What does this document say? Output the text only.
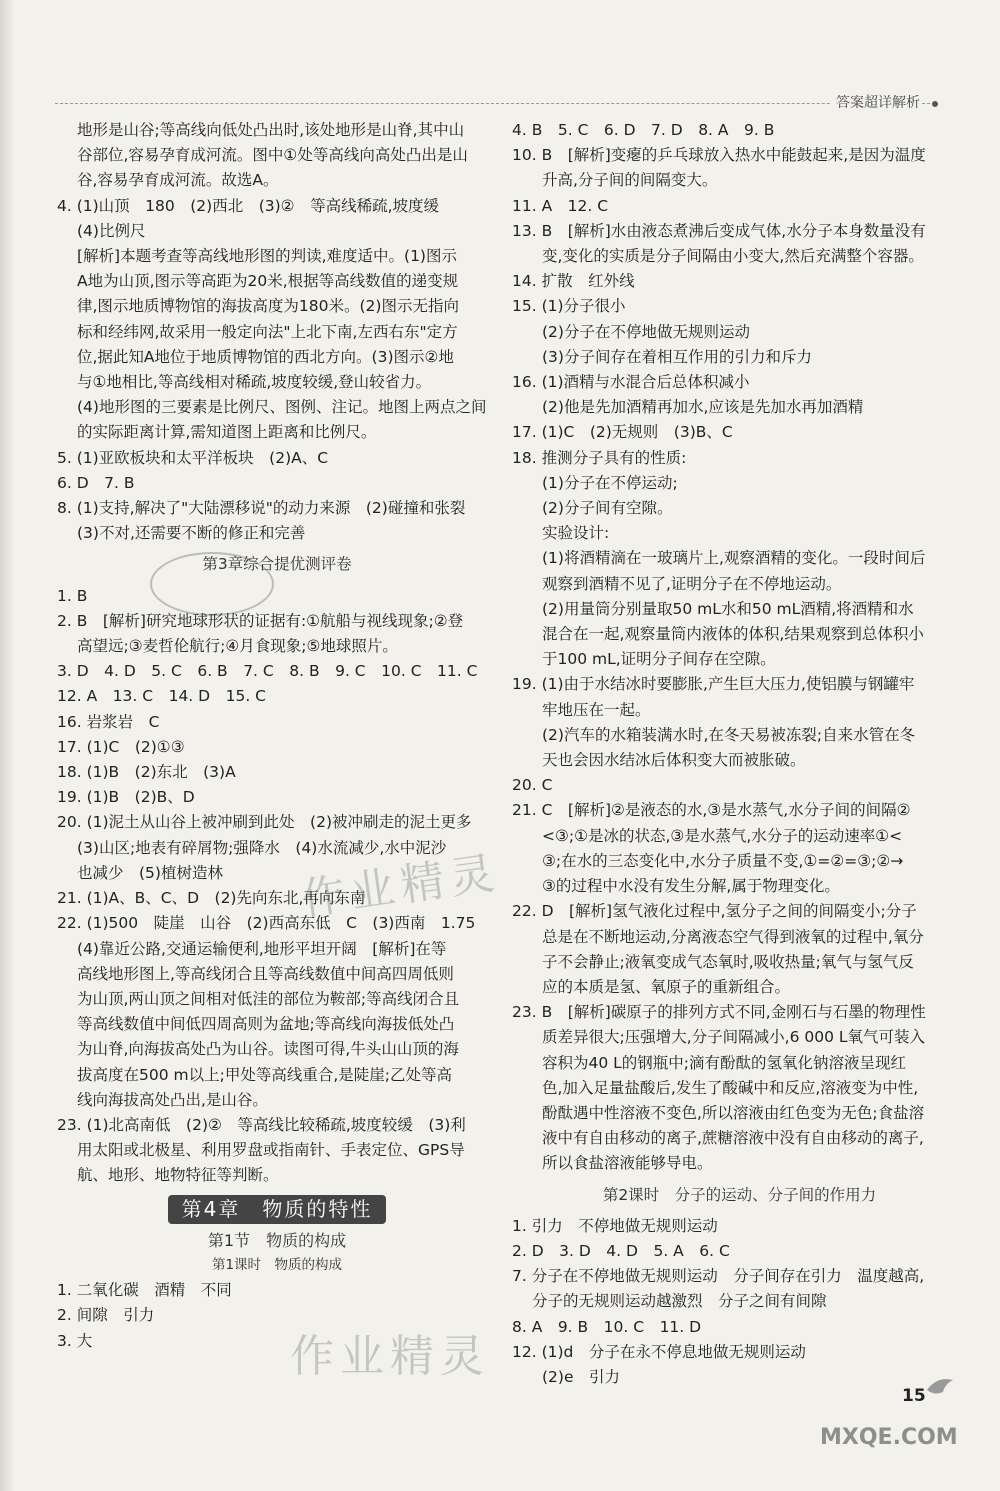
答案超详解析
地形是山谷;等高线向低处凸出时,该处地形是山脊,其中山
谷部位,容易孕育成河流。图中①处等高线向高处凸出是山
谷,容易孕育成河流。故选A。
4. (1)山顶　180　(2)西北　(3)②　等高线稀疏,坡度缓
(4)比例尺
[解析]本题考查等高线地形图的判读,难度适中。(1)图示
A地为山顶,图示等高距为20米,根据等高线数值的递变规
律,图示地质博物馆的海拔高度为180米。(2)图示无指向
标和经纬网,故采用一般定向法"上北下南,左西右东"定方
位,据此知A地位于地质博物馆的西北方向。(3)图示②地
与①地相比,等高线相对稀疏,坡度较缓,登山较省力。
(4)地形图的三要素是比例尺、图例、注记。地图上两点之间
的实际距离计算,需知道图上距离和比例尺。
5. (1)亚欧板块和太平洋板块　(2)A、C
6. D　7. B
8. (1)支持,解决了"大陆漂移说"的动力来源　(2)碰撞和张裂
(3)不对,还需要不断的修正和完善
第3章综合提优测评卷
1. B
2. B　[解析]研究地球形状的证据有:①航船与视线现象;②登
高望远;③麦哲伦航行;④月食现象;⑤地球照片。
3. D　4. D　5. C　6. B　7. C　8. B　9. C　10. C　11. C
12. A　13. C　14. D　15. C
16. 岩浆岩　C
17. (1)C　(2)①③
18. (1)B　(2)东北　(3)A
19. (1)B　(2)B、D
20. (1)泥土从山谷上被冲刷到此处　(2)被冲刷走的泥土更多
(3)山区;地表有碎屑物;强降水　(4)水流减少,水中泥沙
也减少　(5)植树造林
21. (1)A、B、C、D　(2)先向东北,再向东南
22. (1)500　陡崖　山谷　(2)西高东低　C　(3)西南　1.75
(4)靠近公路,交通运输便利,地形平坦开阔　[解析]在等
高线地形图上,等高线闭合且等高线数值中间高四周低则
为山顶,两山顶之间相对低洼的部位为鞍部;等高线闭合且
等高线数值中间低四周高则为盆地;等高线向海拔低处凸
为山脊,向海拔高处凸为山谷。读图可得,牛头山山顶的海
拔高度在500 m以上;甲处等高线重合,是陡崖;乙处等高
线向海拔高处凸出,是山谷。
23. (1)北高南低　(2)②　等高线比较稀疏,坡度较缓　(3)利
用太阳或北极星、利用罗盘或指南针、手表定位、GPS导
航、地形、地物特征等判断。
第4章　物质的特性
第1节　物质的构成
第1课时　物质的构成
1. 二氧化碳　酒精　不同
2. 间隙　引力
3. 大
4. B　5. C　6. D　7. D　8. A　9. B
10. B　[解析]变瘪的乒乓球放入热水中能鼓起来,是因为温度
升高,分子间的间隔变大。
11. A　12. C
13. B　[解析]水由液态煮沸后变成气体,水分子本身数量没有
变,变化的实质是分子间隔由小变大,然后充满整个容器。
14. 扩散　红外线
15. (1)分子很小
(2)分子在不停地做无规则运动
(3)分子间存在着相互作用的引力和斥力
16. (1)酒精与水混合后总体积减小
(2)他是先加酒精再加水,应该是先加水再加酒精
17. (1)C　(2)无规则　(3)B、C
18. 推测分子具有的性质:
(1)分子在不停运动;
(2)分子间有空隙。
实验设计:
(1)将酒精滴在一玻璃片上,观察酒精的变化。一段时间后
观察到酒精不见了,证明分子在不停地运动。
(2)用量筒分别量取50 mL水和50 mL酒精,将酒精和水
混合在一起,观察量筒内液体的体积,结果观察到总体积小
于100 mL,证明分子间存在空隙。
19. (1)由于水结冰时要膨胀,产生巨大压力,使铝膜与钢罐牢
牢地压在一起。
(2)汽车的水箱装满水时,在冬天易被冻裂;自来水管在冬
天也会因水结冰后体积变大而被胀破。
20. C
21. C　[解析]②是液态的水,③是水蒸气,水分子间的间隔②
<③;①是冰的状态,③是水蒸气,水分子的运动速率①<
③;在水的三态变化中,水分子质量不变,①=②=③;②→
③的过程中水没有发生分解,属于物理变化。
22. D　[解析]氢气液化过程中,氢分子之间的间隔变小;分子
总是在不断地运动,分离液态空气得到液氧的过程中,氧分
子不会静止;液氧变成气态氧时,吸收热量;氧气与氢气反
应的本质是氢、氧原子的重新组合。
23. B　[解析]碳原子的排列方式不同,金刚石与石墨的物理性
质差异很大;压强增大,分子间隔减小,6 000 L氧气可装入
容积为40 L的钢瓶中;滴有酚酞的氢氧化钠溶液呈现红
色,加入足量盐酸后,发生了酸碱中和反应,溶液变为中性,
酚酞遇中性溶液不变色,所以溶液由红色变为无色;食盐溶
液中有自由移动的离子,蔗糖溶液中没有自由移动的离子,
所以食盐溶液能够导电。
第2课时　分子的运动、分子间的作用力
1. 引力　不停地做无规则运动
2. D　3. D　4. D　5. A　6. C
7. 分子在不停地做无规则运动　分子间存在引力　温度越高,
分子的无规则运动越激烈　分子之间有间隙
8. A　9. B　10. C　11. D
12. (1)d　分子在永不停息地做无规则运动
(2)e　引力
作业精灵
作业精灵
15
MXQE.COM
